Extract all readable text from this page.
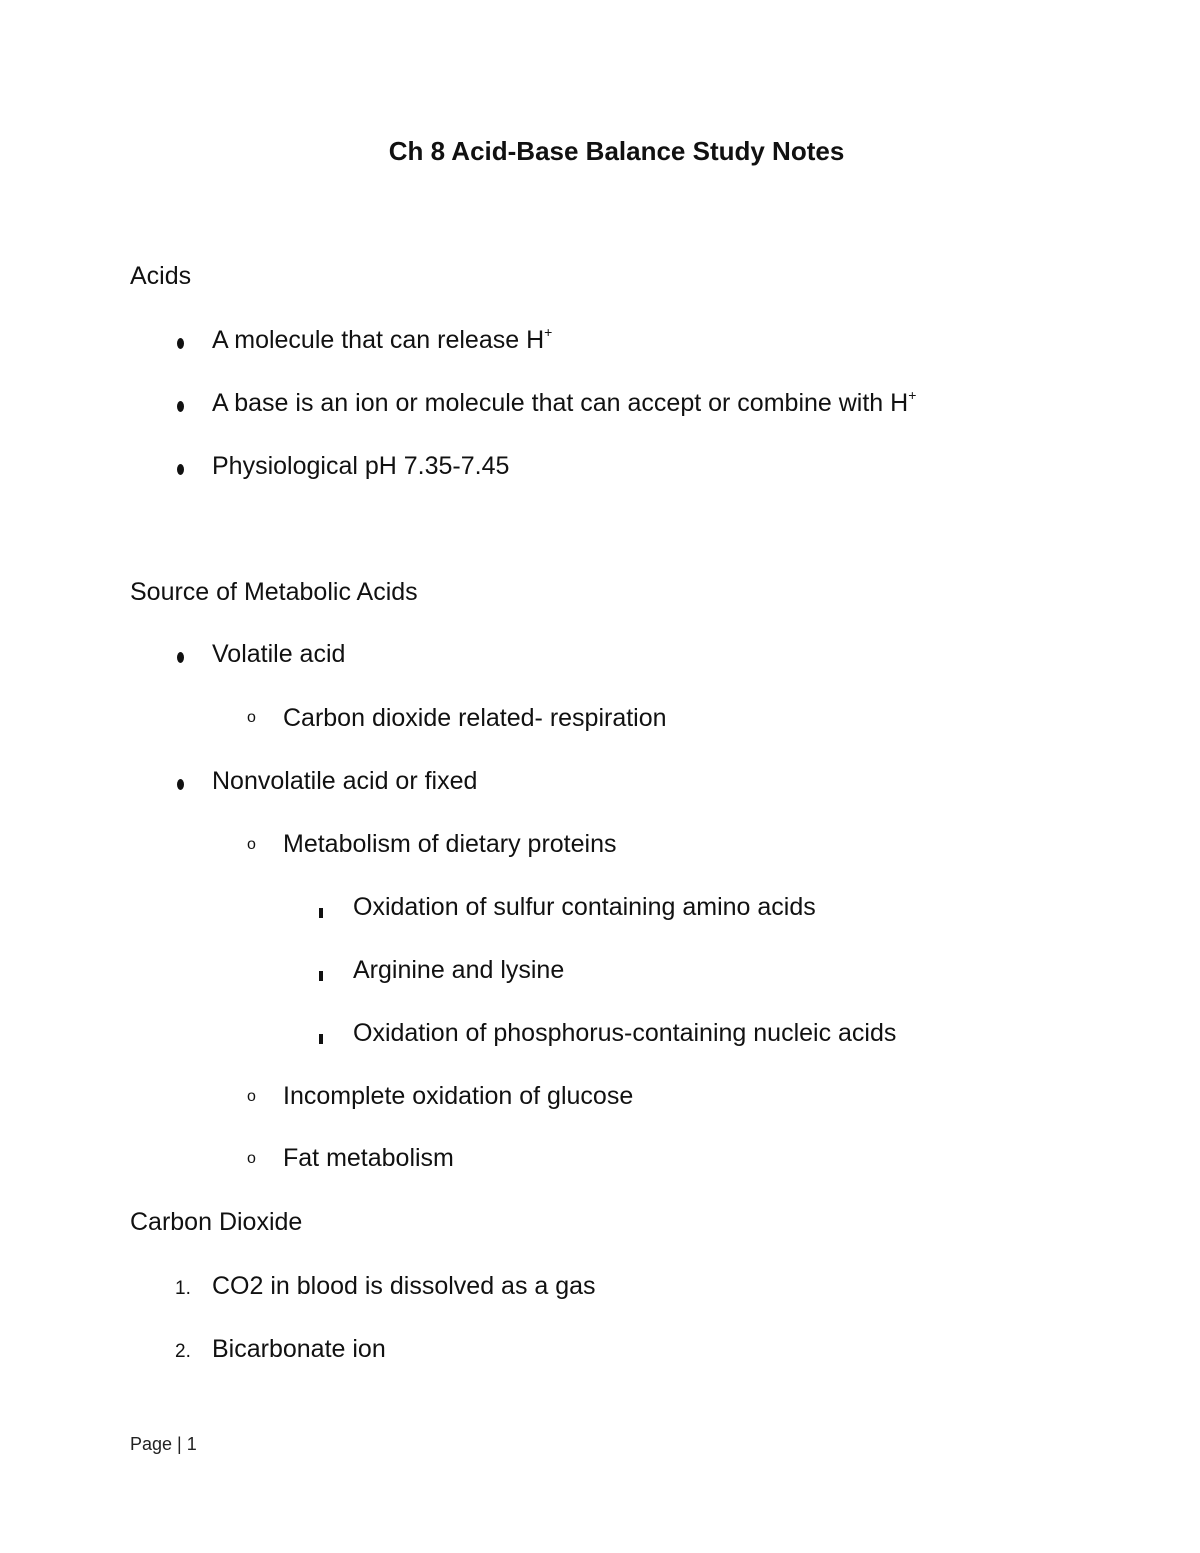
Ch 8 Acid-Base Balance Study Notes
Acids
A molecule that can release H+
A base is an ion or molecule that can accept or combine with H+
Physiological pH 7.35-7.45
Source of Metabolic Acids
Volatile acid
o Carbon dioxide related- respiration
Nonvolatile acid or fixed
o Metabolism of dietary proteins
Oxidation of sulfur containing amino acids
Arginine and lysine
Oxidation of phosphorus-containing nucleic acids
o Incomplete oxidation of glucose
o Fat metabolism
Carbon Dioxide
1. CO2 in blood is dissolved as a gas
2. Bicarbonate ion
Page | 1
